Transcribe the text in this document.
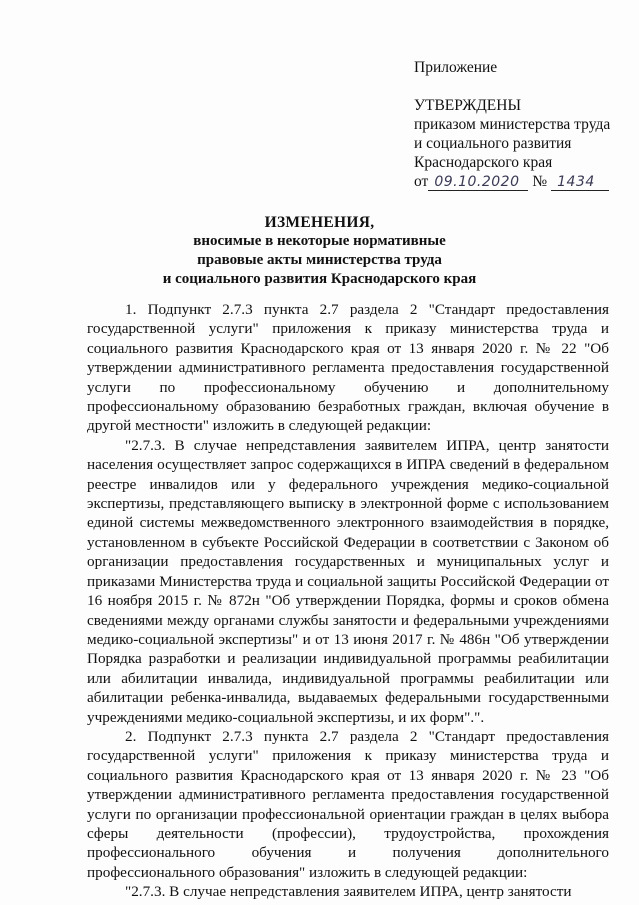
Приложение
УТВЕРЖДЕНЫ
приказом министерства труда
и социального развития
Краснодарского края
от 09.10.2020 № 1434
ИЗМЕНЕНИЯ,
вносимые в некоторые нормативные
правовые акты министерства труда
и социального развития Краснодарского края

1. Подпункт 2.7.3 пункта 2.7 раздела 2 "Стандарт предоставления государственной услуги" приложения к приказу министерства труда и социального развития Краснодарского края от 13 января 2020 г. № 22 "Об утверждении административного регламента предоставления государственной услуги по профессиональному обучению и дополнительному профессиональному образованию безработных граждан, включая обучение в другой местности" изложить в следующей редакции:

"2.7.3. В случае непредставления заявителем ИПРА, центр занятости населения осуществляет запрос содержащихся в ИПРА сведений в федеральном реестре инвалидов или у федерального учреждения медико-социальной экспертизы, представляющего выписку в электронной форме с использованием единой системы межведомственного электронного взаимодействия в порядке, установленном в субъекте Российской Федерации в соответствии с Законом об организации предоставления государственных и муниципальных услуг и приказами Министерства труда и социальной защиты Российской Федерации от 16 ноября 2015 г. № 872н "Об утверждении Порядка, формы и сроков обмена сведениями между органами службы занятости и федеральными учреждениями медико-социальной экспертизы" и от 13 июня 2017 г. № 486н "Об утверждении Порядка разработки и реализации индивидуальной программы реабилитации или абилитации инвалида, индивидуальной программы реабилитации или абилитации ребенка-инвалида, выдаваемых федеральными государственными учреждениями медико-социальной экспертизы, и их форм".".

2. Подпункт 2.7.3 пункта 2.7 раздела 2 "Стандарт предоставления государственной услуги" приложения к приказу министерства труда и социального развития Краснодарского края от 13 января 2020 г. № 23 "Об утверждении административного регламента предоставления государственной услуги по организации профессиональной ориентации граждан в целях выбора сферы деятельности (профессии), трудоустройства, прохождения профессионального обучения и получения дополнительного профессионального образования" изложить в следующей редакции:

"2.7.3. В случае непредставления заявителем ИПРА, центр занятости
